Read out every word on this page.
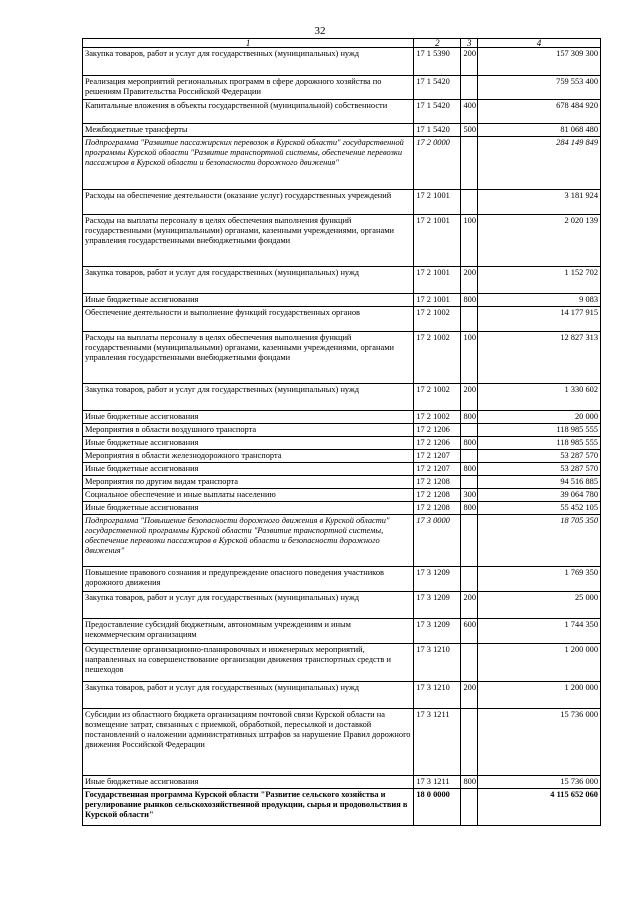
32
1	2	3	4
Закупка товаров, работ и услуг для государственных (муниципальных) нужд	17 1 5390	200	157 309 300
Реализация мероприятий региональных программ в сфере дорожного хозяйства по решениям Правительства Российской Федерации	17 1 5420		759 553 400
Капитальные вложения в объекты государственной (муниципальной) собственности	17 1 5420	400	678 484 920
Межбюджетные трансферты	17 1 5420	500	81 068 480
Подпрограмма "Развитие пассажирских перевозок в Курской области" государственной программы Курской области "Развитие транспортной системы, обеспечение перевозки пассажиров в Курской области и безопасности дорожного движения"	17 2 0000		284 149 849
Расходы на обеспечение деятельности (оказание услуг) государственных учреждений	17 2 1001		3 181 924
Расходы на выплаты персоналу в целях обеспечения выполнения функций государственными (муниципальными) органами, казенными учреждениями, органами управления государственными внебюджетными фондами	17 2 1001	100	2 020 139
Закупка товаров, работ и услуг для государственных (муниципальных) нужд	17 2 1001	200	1 152 702
Иные бюджетные ассигнования	17 2 1001	800	9 083
Обеспечение деятельности и выполнение функций государственных органов	17 2 1002		14 177 915
Расходы на выплаты персоналу в целях обеспечения выполнения функций государственными (муниципальными) органами, казенными учреждениями, органами управления государственными внебюджетными фондами	17 2 1002	100	12 827 313
Закупка товаров, работ и услуг для государственных (муниципальных) нужд	17 2 1002	200	1 330 602
Иные бюджетные ассигнования	17 2 1002	800	20 000
Мероприятия в области воздушного транспорта	17 2 1206		118 985 555
Иные бюджетные ассигнования	17 2 1206	800	118 985 555
Мероприятия в области железнодорожного транспорта	17 2 1207		53 287 570
Иные бюджетные ассигнования	17 2 1207	800	53 287 570
Мероприятия по другим видам транспорта	17 2 1208		94 516 885
Социальное обеспечение и иные выплаты населению	17 2 1208	300	39 064 780
Иные бюджетные ассигнования	17 2 1208	800	55 452 105
Подпрограмма "Повышение безопасности дорожного движения в Курской области" государственной программы Курской области "Развитие транспортной системы, обеспечение перевозки пассажиров в Курской области и безопасности дорожного движения"	17 3 0000		18 705 350
Повышение правового сознания и предупреждение опасного поведения участников дорожного движения	17 3 1209		1 769 350
Закупка товаров, работ и услуг для государственных (муниципальных) нужд	17 3 1209	200	25 000
Предоставление субсидий бюджетным, автономным учреждениям и иным некоммерческим организациям	17 3 1209	600	1 744 350
Осуществление организационно-планировочных и инженерных мероприятий, направленных на совершенствование организации движения транспортных средств и пешеходов	17 3 1210		1 200 000
Закупка товаров, работ и услуг для государственных (муниципальных) нужд	17 3 1210	200	1 200 000
Субсидии из областного бюджета организациям почтовой связи Курской области на возмещение затрат, связанных с приемкой, обработкой, пересылкой и доставкой постановлений о наложении административных штрафов за нарушение Правил дорожного движения Российской Федерации	17 3 1211		15 736 000
Иные бюджетные ассигнования	17 3 1211	800	15 736 000
Государственная программа Курской области "Развитие сельского хозяйства и регулирование рынков сельскохозяйственной продукции, сырья и продовольствия в Курской области"	18 0 0000		4 115 652 060
